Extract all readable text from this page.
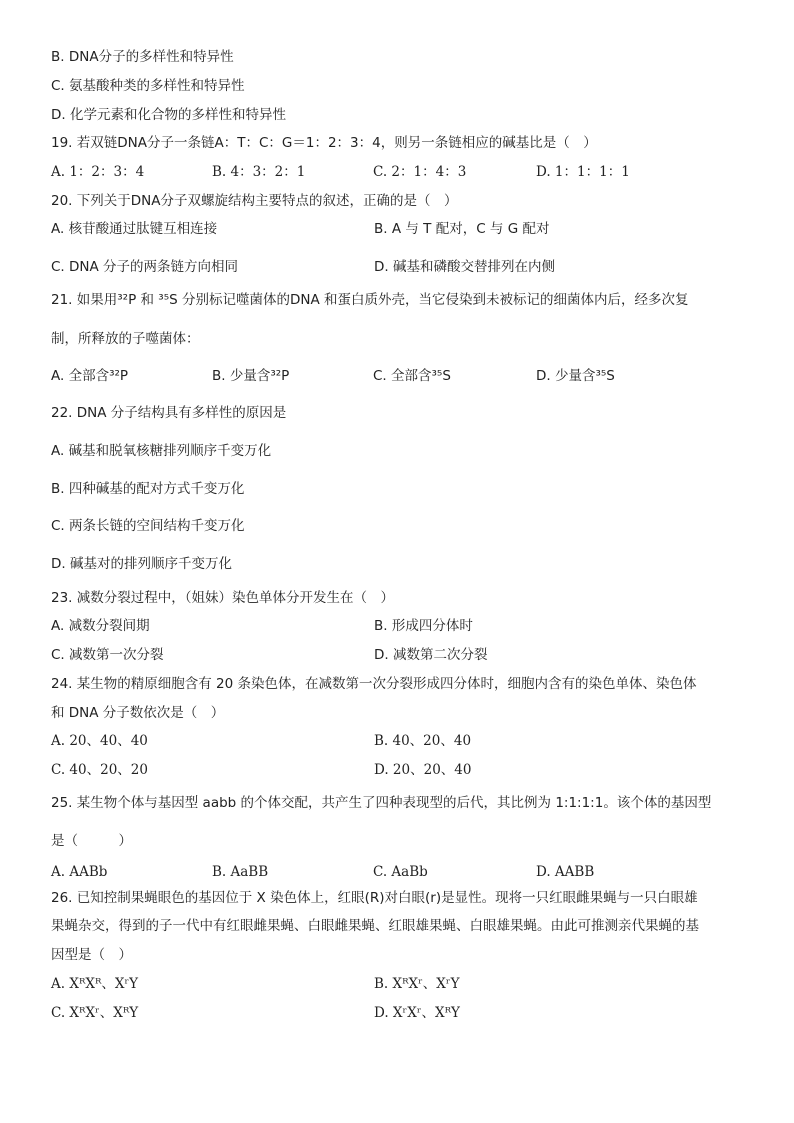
B. DNA分子的多样性和特异性
C. 氨基酸种类的多样性和特异性
D. 化学元素和化合物的多样性和特异性
19. 若双链DNA分子一条链A：T：C：G＝1：2：3：4，则另一条链相应的碱基比是（　）
A. 1：2：3：4	B. 4：3：2：1	C. 2：1：4：3	D. 1：1：1：1
20. 下列关于DNA分子双螺旋结构主要特点的叙述，正确的是（　）
A. 核苷酸通过肽键互相连接	B. A 与 T 配对，C 与 G 配对
C. DNA 分子的两条链方向相同	D. 碱基和磷酸交替排列在内侧
21. 如果用³²P 和 ³⁵S 分别标记噬菌体的DNA 和蛋白质外壳，当它侵染到未被标记的细菌体内后，经多次复
制，所释放的子噬菌体：
A. 全部含³²P	B. 少量含³²P	C. 全部含³⁵S	D. 少量含³⁵S
22. DNA 分子结构具有多样性的原因是
A. 碱基和脱氧核糖排列顺序千变万化
B. 四种碱基的配对方式千变万化
C. 两条长链的空间结构千变万化
D. 碱基对的排列顺序千变万化
23. 减数分裂过程中，（姐妹）染色单体分开发生在（　）
A. 减数分裂间期	B. 形成四分体时
C. 减数第一次分裂	D. 减数第二次分裂
24. 某生物的精原细胞含有 20 条染色体，在减数第一次分裂形成四分体时，细胞内含有的染色单体、染色体
和 DNA 分子数依次是（　）
A. 20、40、40	B. 40、20、40
C. 40、20、20	D. 20、20、40
25. 某生物个体与基因型 aabb 的个体交配，共产生了四种表现型的后代，其比例为 1:1:1:1。该个体的基因型
是（　　　）
A. AABb	B. AaBB	C. AaBb	D. AABB
26. 已知控制果蝇眼色的基因位于 X 染色体上，红眼(R)对白眼(r)是显性。现将一只红眼雌果蝇与一只白眼雄
果蝇杂交，得到的子一代中有红眼雌果蝇、白眼雌果蝇、红眼雄果蝇、白眼雄果蝇。由此可推测亲代果蝇的基
因型是（　）
A. XᴿXᴿ、XʳY	B. XᴿXʳ、XʳY
C. XᴿXʳ、XᴿY	D. XʳXʳ、XᴿY
